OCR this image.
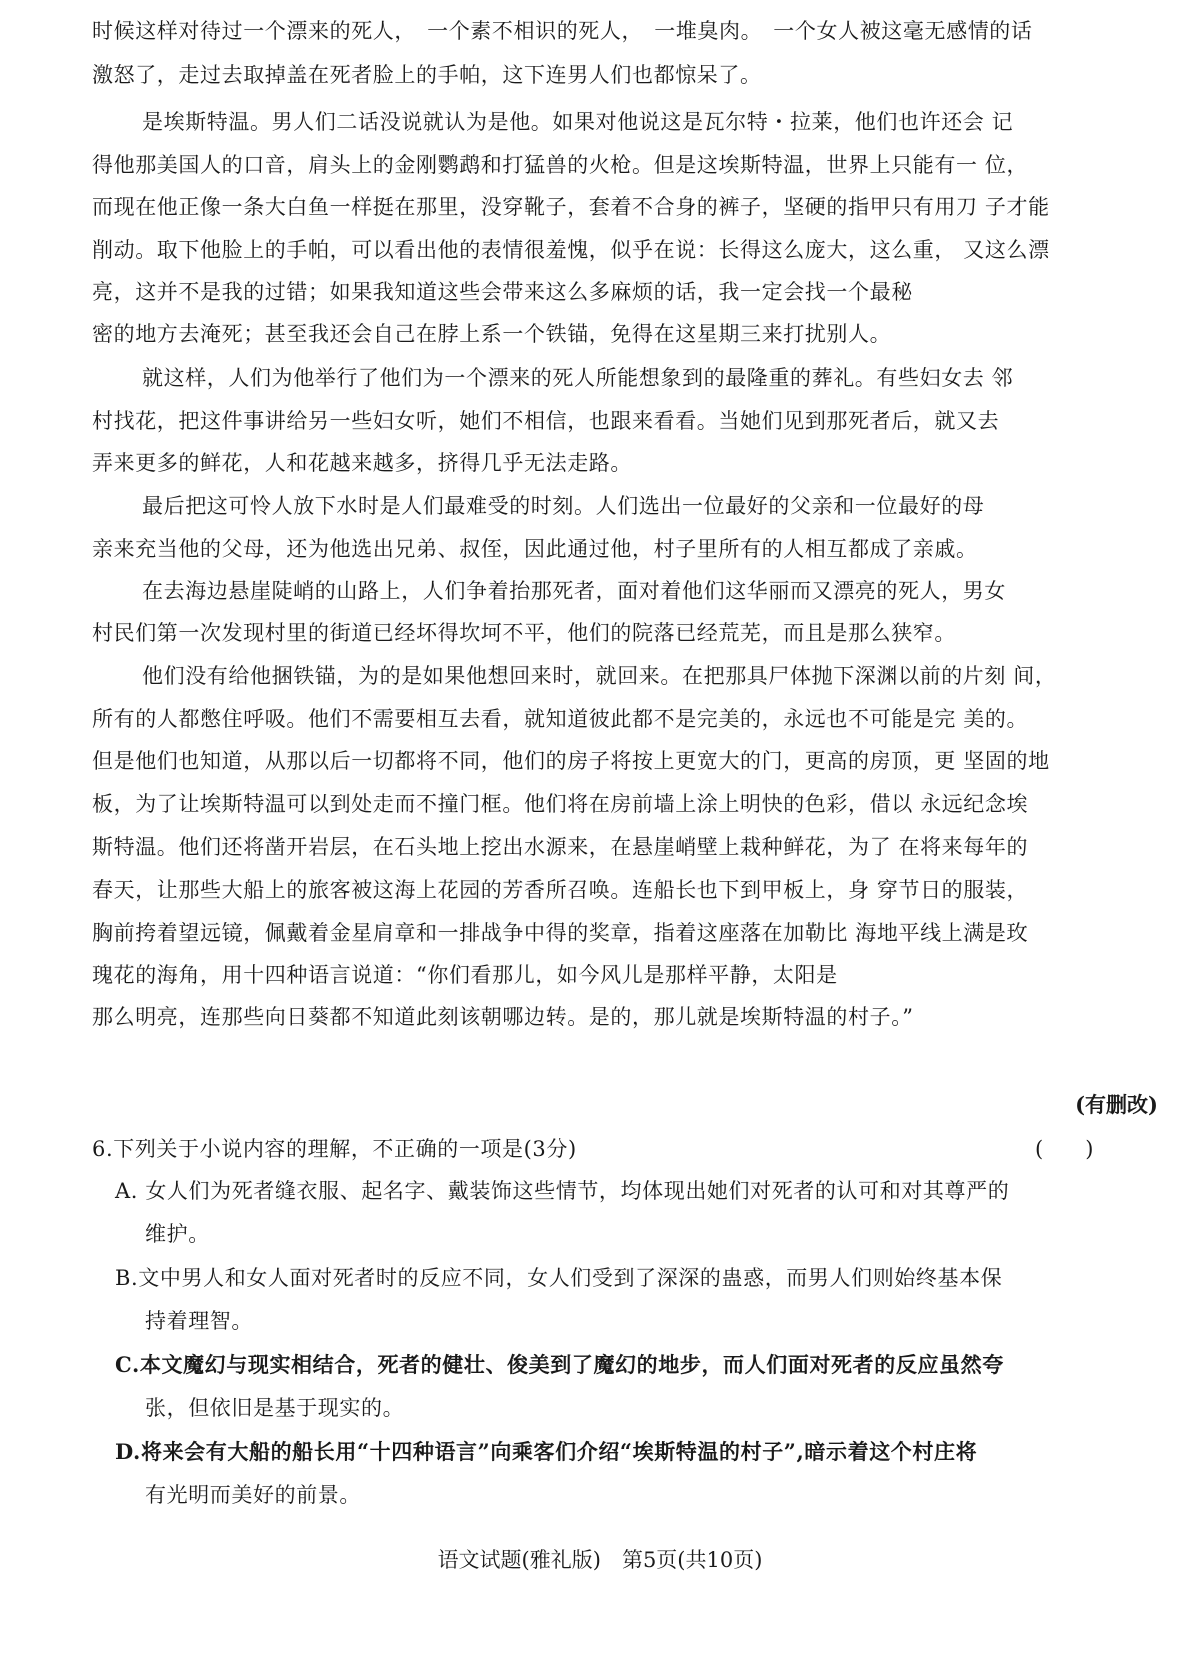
时候这样对待过一个漂来的死人，　一个素不相识的死人，　一堆臭肉。　一个女人被这毫无感情的话
激怒了，走过去取掉盖在死者脸上的手帕，这下连男人们也都惊呆了。
是埃斯特温。男人们二话没说就认为是他。如果对他说这是瓦尔特・拉莱，他们也许还会 记
得他那美国人的口音，肩头上的金刚鹦鹉和打猛兽的火枪。但是这埃斯特温，世界上只能有一 位，
而现在他正像一条大白鱼一样挺在那里，没穿靴子，套着不合身的裤子，坚硬的指甲只有用刀 子才能
削动。取下他脸上的手帕，可以看出他的表情很羞愧，似乎在说：长得这么庞大，这么重， 又这么漂
亮，这并不是我的过错；如果我知道这些会带来这么多麻烦的话，我一定会找一个最秘
密的地方去淹死；甚至我还会自己在脖上系一个铁锚，免得在这星期三来打扰别人。
就这样，人们为他举行了他们为一个漂来的死人所能想象到的最隆重的葬礼。有些妇女去 邻
村找花，把这件事讲给另一些妇女听，她们不相信，也跟来看看。当她们见到那死者后，就又去
弄来更多的鲜花，人和花越来越多，挤得几乎无法走路。
最后把这可怜人放下水时是人们最难受的时刻。人们选出一位最好的父亲和一位最好的母
亲来充当他的父母，还为他选出兄弟、叔侄，因此通过他，村子里所有的人相互都成了亲戚。
在去海边悬崖陡峭的山路上，人们争着抬那死者，面对着他们这华丽而又漂亮的死人，男女
村民们第一次发现村里的街道已经坏得坎坷不平，他们的院落已经荒芜，而且是那么狭窄。
他们没有给他捆铁锚，为的是如果他想回来时，就回来。在把那具尸体抛下深渊以前的片刻 间，
所有的人都憋住呼吸。他们不需要相互去看，就知道彼此都不是完美的，永远也不可能是完 美的。
但是他们也知道，从那以后一切都将不同，他们的房子将按上更宽大的门，更高的房顶，更 坚固的地
板，为了让埃斯特温可以到处走而不撞门框。他们将在房前墙上涂上明快的色彩，借以 永远纪念埃
斯特温。他们还将凿开岩层，在石头地上挖出水源来，在悬崖峭壁上栽种鲜花，为了 在将来每年的
春天，让那些大船上的旅客被这海上花园的芳香所召唤。连船长也下到甲板上，身 穿节日的服装，
胸前挎着望远镜，佩戴着金星肩章和一排战争中得的奖章，指着这座落在加勒比 海地平线上满是玫
瑰花的海角，用十四种语言说道：“你们看那儿，如今风儿是那样平静，太阳是
那么明亮，连那些向日葵都不知道此刻该朝哪边转。是的，那儿就是埃斯特温的村子。”
(有删改)
6.下列关于小说内容的理解，不正确的一项是(3分)	(　　)
A. 女人们为死者缝衣服、起名字、戴装饰这些情节，均体现出她们对死者的认可和对其尊严的
维护。
B.文中男人和女人面对死者时的反应不同，女人们受到了深深的蛊惑，而男人们则始终基本保
持着理智。
C.本文魔幻与现实相结合，死者的健壮、俊美到了魔幻的地步，而人们面对死者的反应虽然夸
张，但依旧是基于现实的。
D.将来会有大船的船长用“十四种语言”向乘客们介绍“埃斯特温的村子”,暗示着这个村庄将
有光明而美好的前景。
语文试题(雅礼版)　第5页(共10页)
